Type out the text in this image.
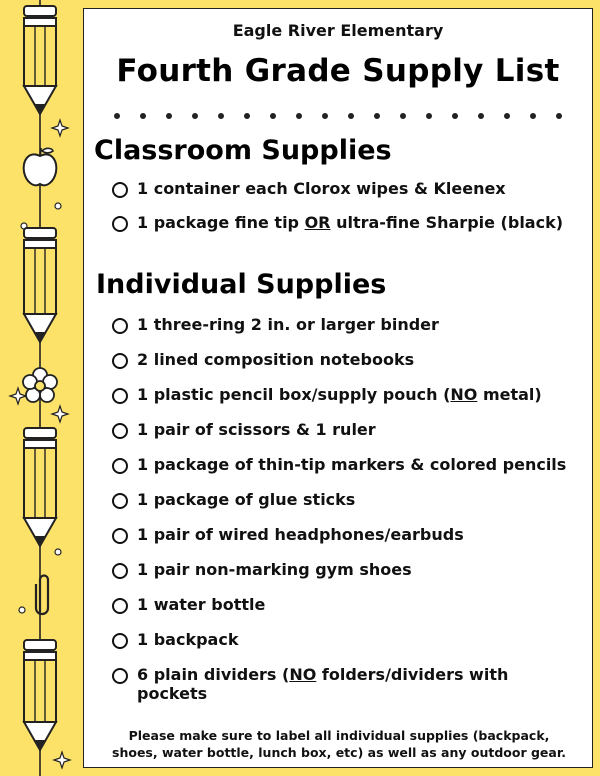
Eagle River Elementary
Fourth Grade Supply List
Classroom Supplies
1 container each Clorox wipes & Kleenex
1 package fine tip OR ultra-fine Sharpie (black)
Individual Supplies
1 three-ring 2 in. or larger binder
2 lined composition notebooks
1 plastic pencil box/supply pouch (NO metal)
1 pair of scissors & 1 ruler
1 package of thin-tip markers & colored pencils
1 package of glue sticks
1 pair of wired headphones/earbuds
1 pair non-marking gym shoes
1 water bottle
1 backpack
6 plain dividers (NO folders/dividers with pockets
Please make sure to label all individual supplies (backpack, shoes, water bottle, lunch box, etc) as well as any outdoor gear.
